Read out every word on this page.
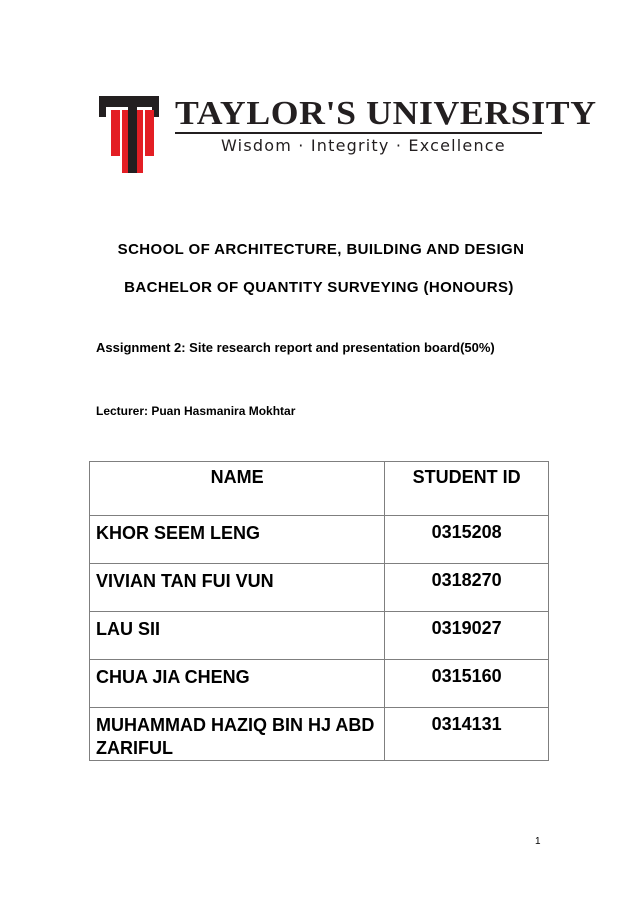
TAYLOR'S UNIVERSITY
Wisdom · Integrity · Excellence
SCHOOL OF ARCHITECTURE, BUILDING AND DESIGN
BACHELOR OF QUANTITY SURVEYING (HONOURS)
Assignment 2: Site research report and presentation board(50%)
Lecturer: Puan Hasmanira Mokhtar
NAME	STUDENT ID
KHOR SEEM LENG	0315208
VIVIAN TAN FUI VUN	0318270
LAU SII	0319027
CHUA JIA CHENG	0315160
MUHAMMAD HAZIQ BIN HJ ABD ZARIFUL	0314131
1
